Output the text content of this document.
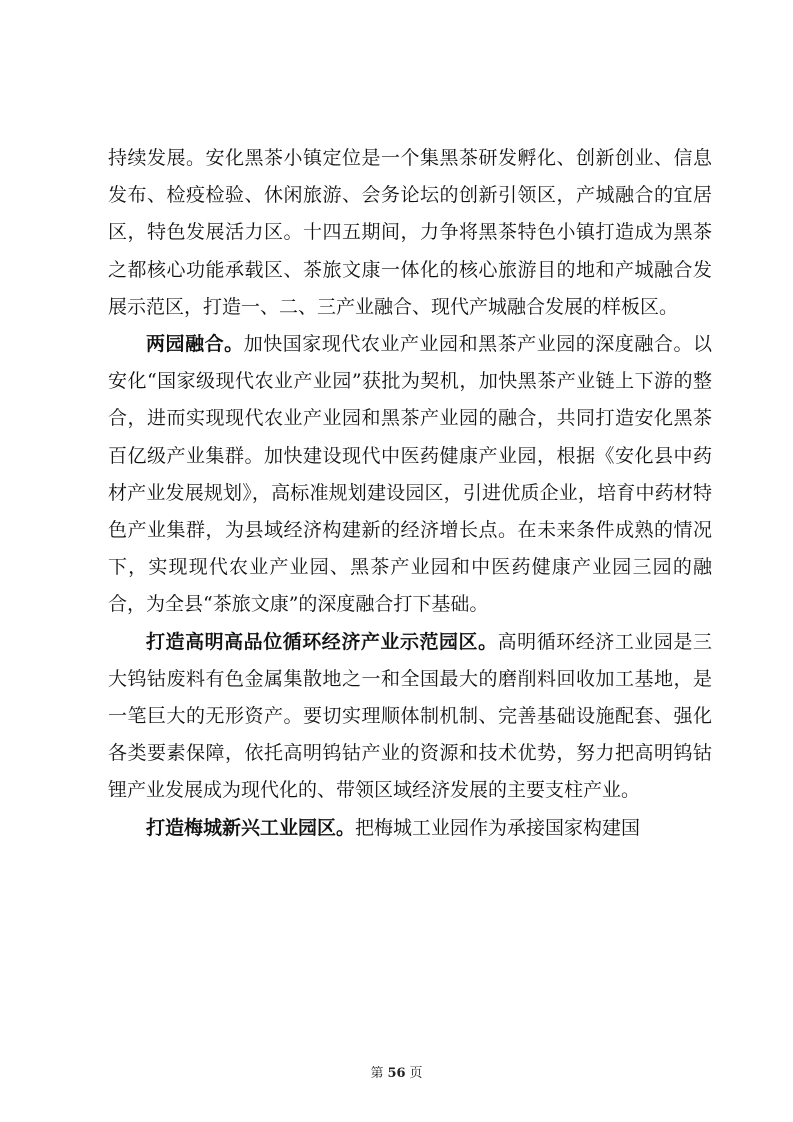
持续发展。安化黑茶小镇定位是一个集黑茶研发孵化、创新创业、信息发布、检疫检验、休闲旅游、会务论坛的创新引领区，产城融合的宜居区，特色发展活力区。十四五期间，力争将黑茶特色小镇打造成为黑茶之都核心功能承载区、茶旅文康一体化的核心旅游目的地和产城融合发展示范区，打造一、二、三产业融合、现代产城融合发展的样板区。

两园融合。加快国家现代农业产业园和黑茶产业园的深度融合。以安化“国家级现代农业产业园”获批为契机，加快黑茶产业链上下游的整合，进而实现现代农业产业园和黑茶产业园的融合，共同打造安化黑茶百亿级产业集群。加快建设现代中医药健康产业园，根据《安化县中药材产业发展规划》，高标准规划建设园区，引进优质企业，培育中药材特色产业集群，为县域经济构建新的经济增长点。在未来条件成熟的情况下，实现现代农业产业园、黑茶产业园和中医药健康产业园三园的融合，为全县“茶旅文康”的深度融合打下基础。

打造高明高品位循环经济产业示范园区。高明循环经济工业园是三大钨钴废料有色金属集散地之一和全国最大的磨削料回收加工基地，是一笔巨大的无形资产。要切实理顺体制机制、完善基础设施配套、强化各类要素保障，依托高明钨钴产业的资源和技术优势，努力把高明钨钴锂产业发展成为现代化的、带领区域经济发展的主要支柱产业。

打造梅城新兴工业园区。把梅城工业园作为承接国家构建国

第 56 页
